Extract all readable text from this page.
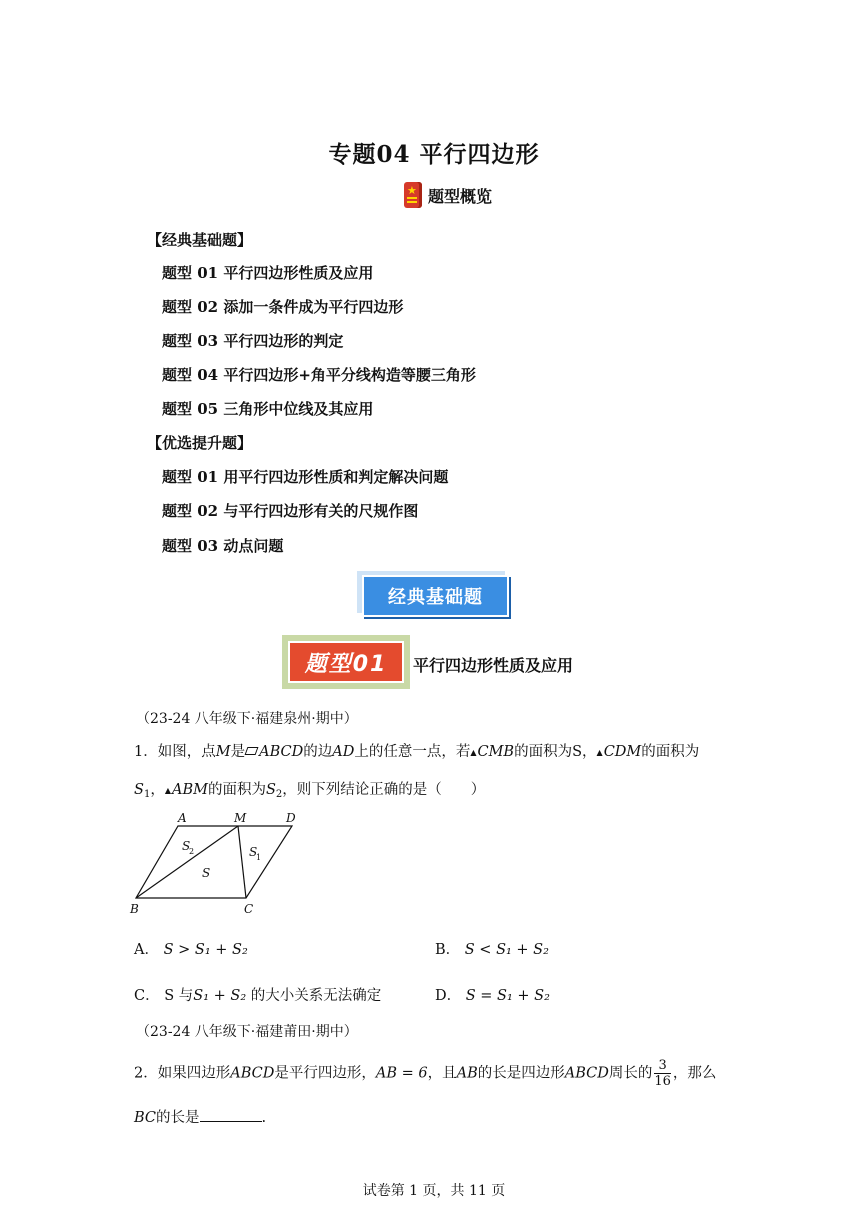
专题04 平行四边形
★
题型概览
【经典基础题】
题型 01 平行四边形性质及应用
题型 02 添加一条件成为平行四边形
题型 03 平行四边形的判定
题型 04 平行四边形+角平分线构造等腰三角形
题型 05 三角形中位线及其应用
【优选提升题】
题型 01 用平行四边形性质和判定解决问题
题型 02 与平行四边形有关的尺规作图
题型 03 动点问题
经典基础题
题型01	平行四边形性质及应用
（23-24 八年级下·福建泉州·期中）
1．如图，点M是 ABCD的边AD上的任意一点，若▲CMB的面积为S，▲CDM的面积为
$S_1$，▲ABM的面积为$S_2$，则下列结论正确的是（　　）
A	M	D
B	C
S
2	S
1
S
A． S > S₁ + S₂	B． S < S₁ + S₂
C． S 与S₁ + S₂ 的大小关系无法确定	D． S = S₁ + S₂
（23-24 八年级下·福建莆田·期中）
2．如果四边形ABCD是平行四边形，AB = 6，且AB的长是四边形ABCD周长的 $\frac{3}{16}$ ，那么
BC的长是	.
试卷第 1 页，共 11 页
